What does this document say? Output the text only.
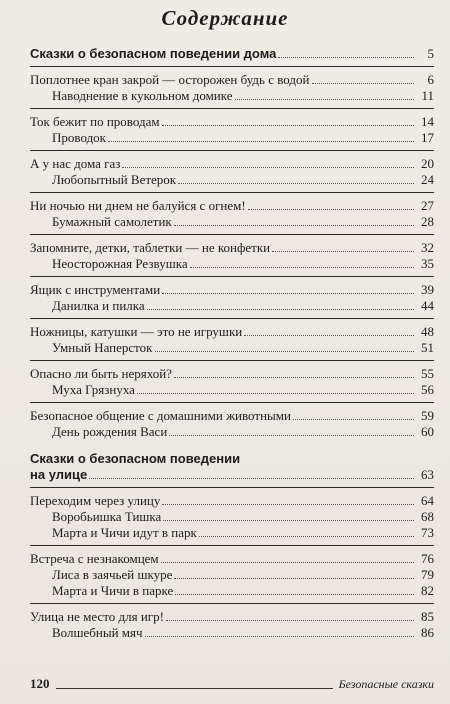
Содержание
Сказки о безопасном поведении дома	5
Поплотнее кран закрой — осторожен будь с водой	6
Наводнение в кукольном домике	11
Ток бежит по проводам	14
Проводок	17
А у нас дома газ	20
Любопытный Ветерок	24
Ни ночью ни днем не балуйся с огнем!	27
Бумажный самолетик	28
Запомните, детки, таблетки — не конфетки	32
Неосторожная Резвушка	35
Ящик с инструментами	39
Данилка и пилка	44
Ножницы, катушки — это не игрушки	48
Умный Наперсток	51
Опасно ли быть неряхой?	55
Муха Грязнуха	56
Безопасное общение с домашними животными	59
День рождения Васи	60
Сказки о безопасном поведении
на улице	63
Переходим через улицу	64
Воробьишка Тишка	68
Марта и Чичи идут в парк	73
Встреча с незнакомцем	76
Лиса в заячьей шкуре	79
Марта и Чичи в парке	82
Улица не место для игр!	85
Волшебный мяч	86
120	Безопасные сказки
